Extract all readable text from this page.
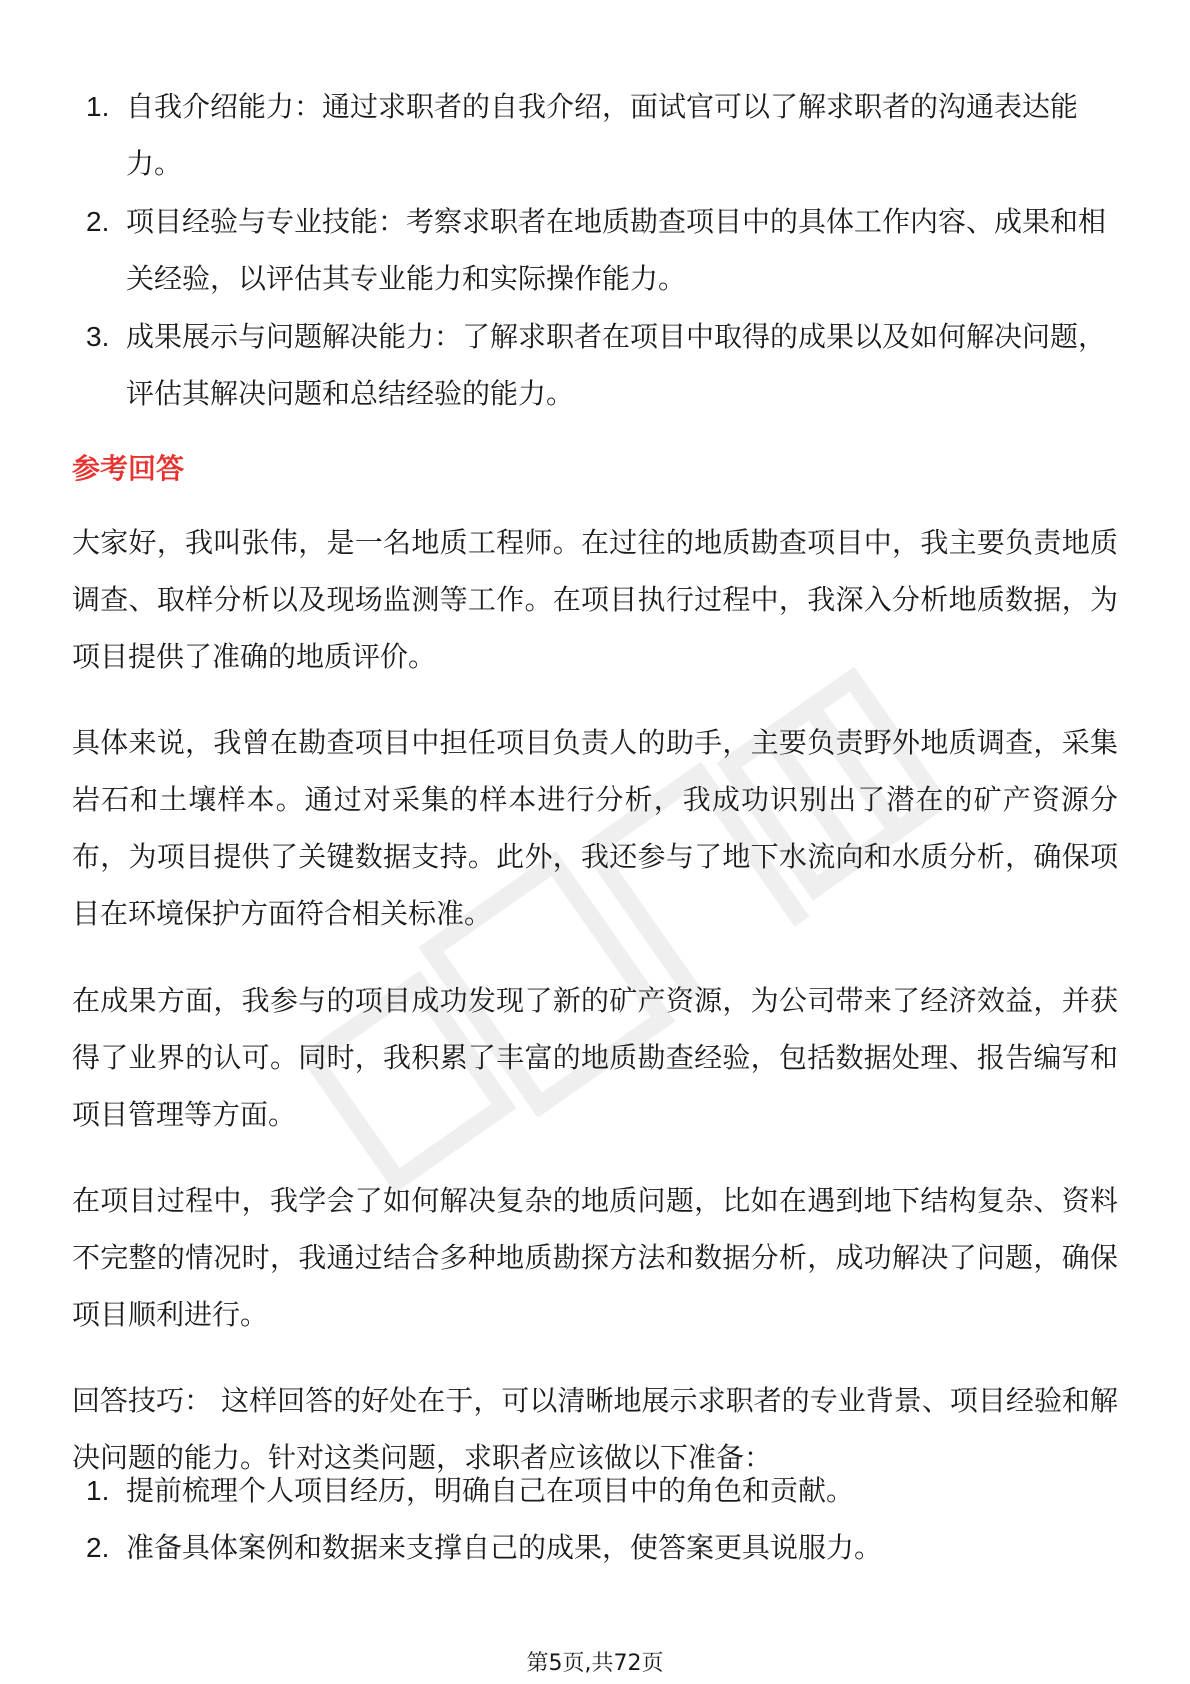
1. 自我介绍能力：通过求职者的自我介绍，面试官可以了解求职者的沟通表达能力。
2. 项目经验与专业技能：考察求职者在地质勘查项目中的具体工作内容、成果和相关经验，以评估其专业能力和实际操作能力。
3. 成果展示与问题解决能力：了解求职者在项目中取得的成果以及如何解决问题，评估其解决问题和总结经验的能力。
参考回答
大家好，我叫张伟，是一名地质工程师。在过往的地质勘查项目中，我主要负责地质调查、取样分析以及现场监测等工作。在项目执行过程中，我深入分析地质数据，为项目提供了准确的地质评价。
具体来说，我曾在勘查项目中担任项目负责人的助手，主要负责野外地质调查，采集岩石和土壤样本。通过对采集的样本进行分析，我成功识别出了潜在的矿产资源分布，为项目提供了关键数据支持。此外，我还参与了地下水流向和水质分析，确保项目在环境保护方面符合相关标准。
在成果方面，我参与的项目成功发现了新的矿产资源，为公司带来了经济效益，并获得了业界的认可。同时，我积累了丰富的地质勘查经验，包括数据处理、报告编写和项目管理等方面。
在项目过程中，我学会了如何解决复杂的地质问题，比如在遇到地下结构复杂、资料不完整的情况时，我通过结合多种地质勘探方法和数据分析，成功解决了问题，确保项目顺利进行。
回答技巧： 这样回答的好处在于，可以清晰地展示求职者的专业背景、项目经验和解决问题的能力。针对这类问题，求职者应该做以下准备：
1. 提前梳理个人项目经历，明确自己在项目中的角色和贡献。
2. 准备具体案例和数据来支撑自己的成果，使答案更具说服力。
第5页,共72页
